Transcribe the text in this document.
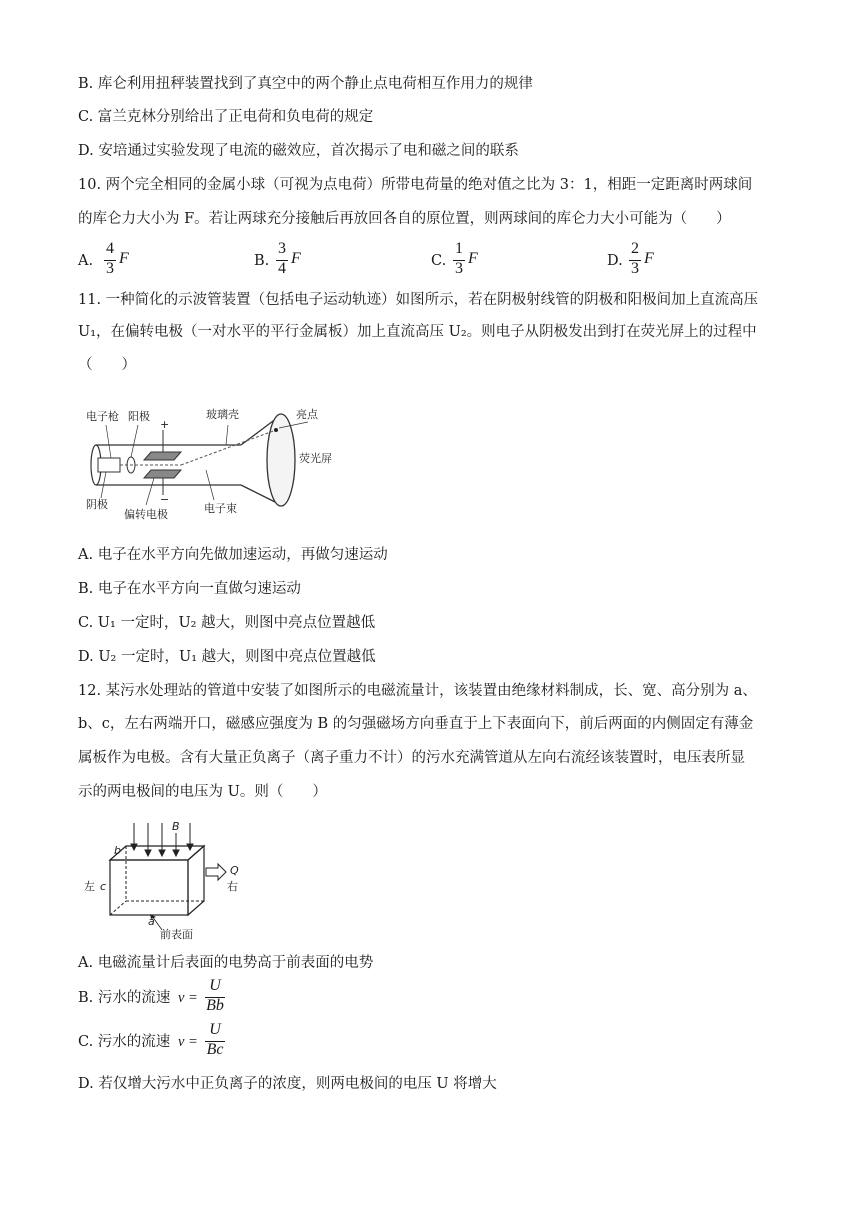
B. 库仑利用扭秤装置找到了真空中的两个静止点电荷相互作用力的规律
C. 富兰克林分别给出了正电荷和负电荷的规定
D. 安培通过实验发现了电流的磁效应，首次揭示了电和磁之间的联系
10. 两个完全相同的金属小球（可视为点电荷）所带电荷量的绝对值之比为 3：1，相距一定距离时两球间
的库仑力大小为 F。若让两球充分接触后再放回各自的原位置，则两球间的库仑力大小可能为（　　）
A.
4
3
F	B.
3
4
F	C.
1
3
F	D.
2
3
F
11. 一种简化的示波管装置（包括电子运动轨迹）如图所示，若在阴极射线管的阴极和阳极间加上直流高压
U₁，在偏转电极（一对水平的平行金属板）加上直流高压 U₂。则电子从阴极发出到打在荧光屏上的过程中
（　　）
电子枪 阳极	玻璃壳	亮点
荧光屏
阴极
偏转电极	电子束
+
−
A. 电子在水平方向先做加速运动，再做匀速运动
B. 电子在水平方向一直做匀速运动
C. U₁ 一定时，U₂ 越大，则图中亮点位置越低
D. U₂ 一定时，U₁ 越大，则图中亮点位置越低
12. 某污水处理站的管道中安装了如图所示的电磁流量计，该装置由绝缘材料制成，长、宽、高分别为 a、
b、c，左右两端开口，磁感应强度为 B 的匀强磁场方向垂直于上下表面向下，前后两面的内侧固定有薄金
属板作为电极。含有大量正负离子（离子重力不计）的污水充满管道从左向右流经该装置时，电压表所显
示的两电极间的电压为 U。则（　　）
B
b
c
a
Q
左	右
前表面
A. 电磁流量计后表面的电势高于前表面的电势
B. 污水的流速 v =
U
Bb
C. 污水的流速 v =
U
Bc
D. 若仅增大污水中正负离子的浓度，则两电极间的电压 U 将增大
